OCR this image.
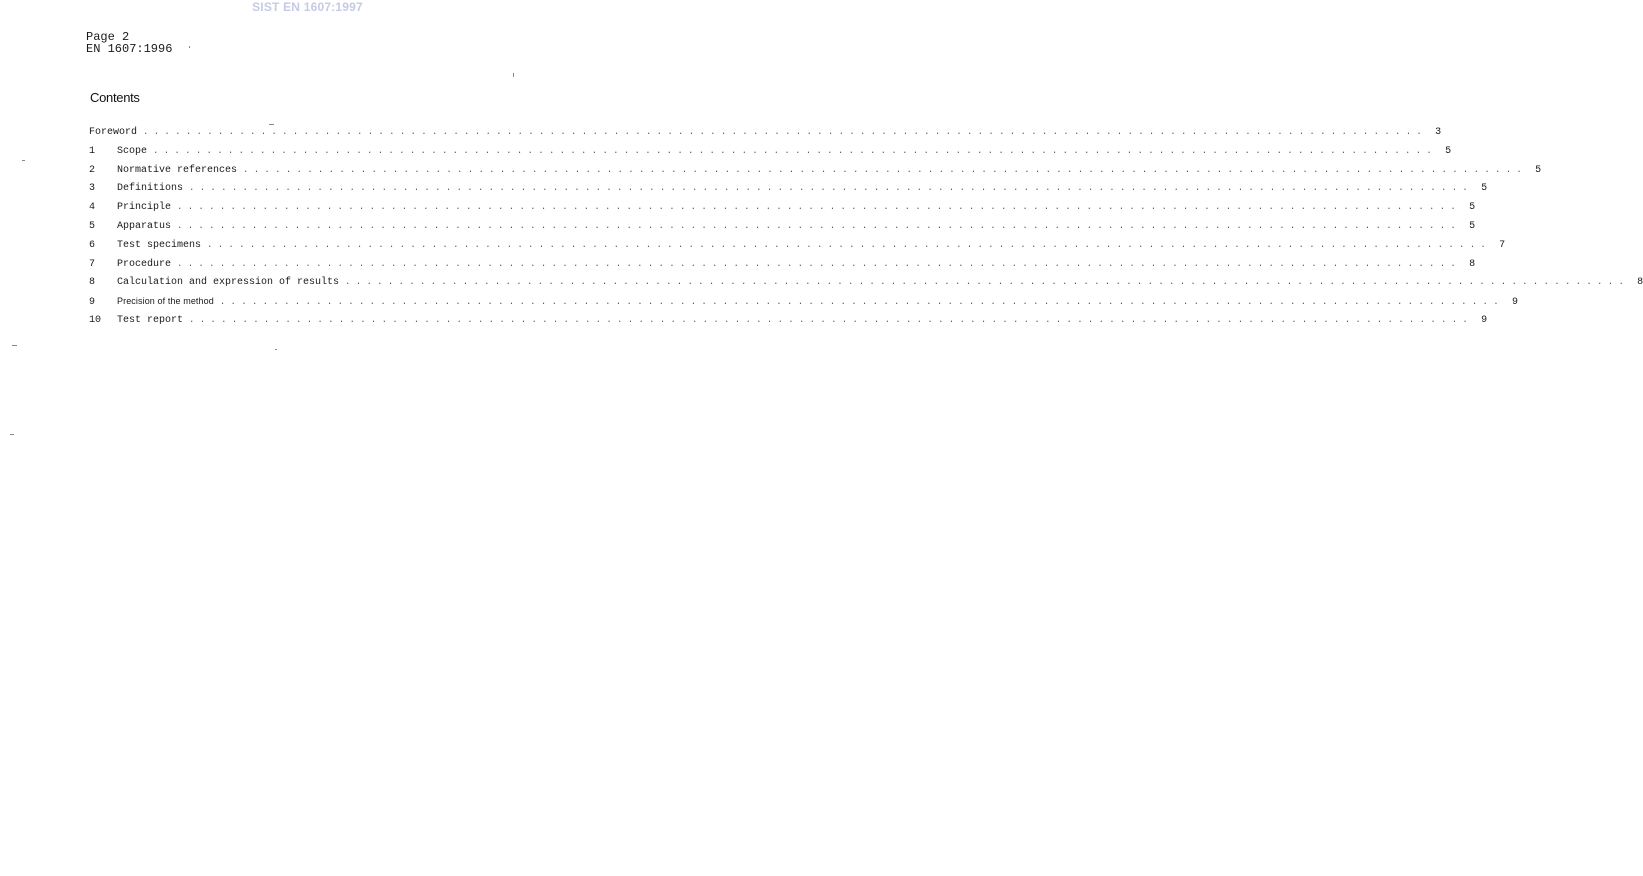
SIST EN 1607:1997
Page 2
EN 1607:1996
Contents
Foreword ........................................................................................................................ 3
1	Scope ........................................................................................................................ 5
2	Normative references ........................................................................................................................ 5
3	Definitions ........................................................................................................................ 5
4	Principle ........................................................................................................................ 5
5	Apparatus ........................................................................................................................ 5
6	Test specimens ........................................................................................................................ 7
7	Procedure ........................................................................................................................ 8
8	Calculation and expression of results ........................................................................................................................ 8
9	Precision of the method ........................................................................................................................ 9
10	Test report ........................................................................................................................ 9
